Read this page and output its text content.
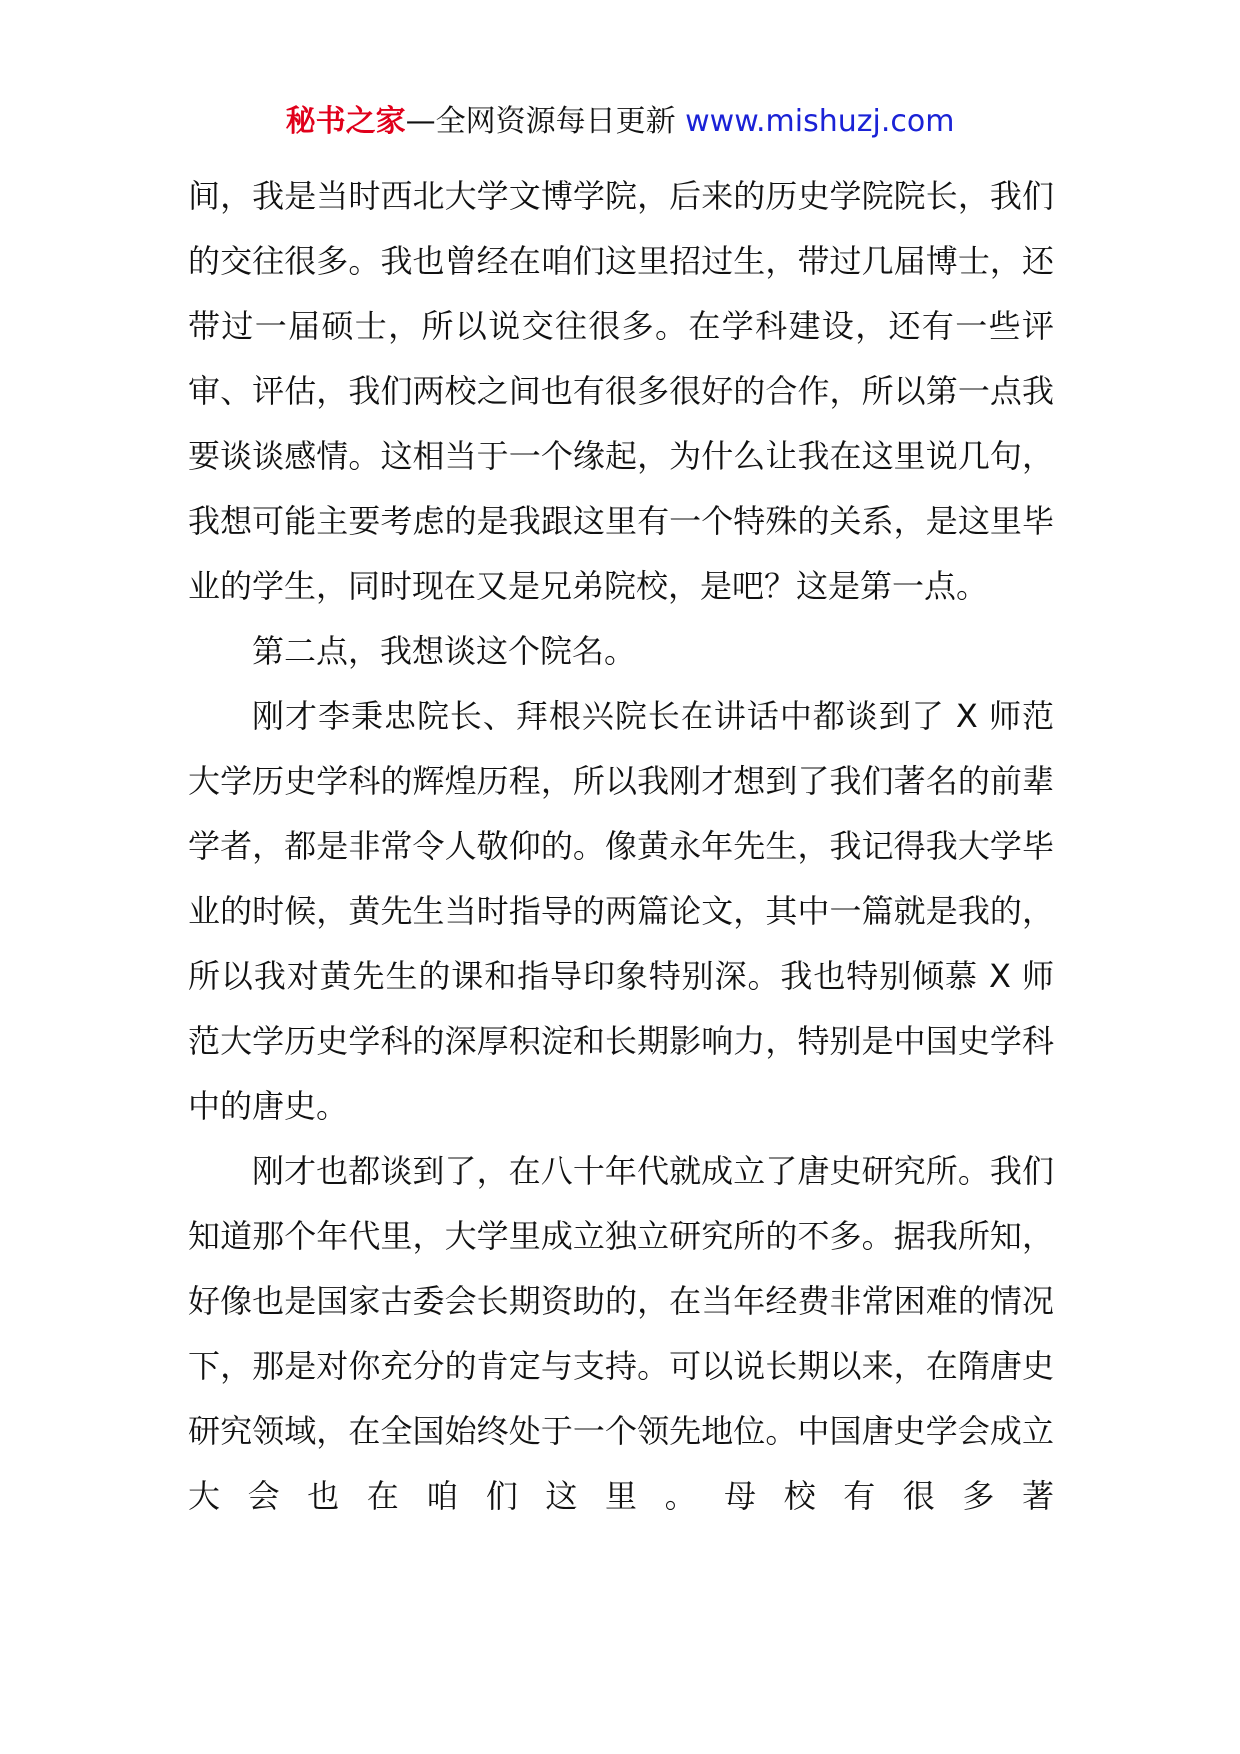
秘书之家—全网资源每日更新 www.mishuzj.com

间，我是当时西北大学文博学院，后来的历史学院院长，我们的交往很多。我也曾经在咱们这里招过生，带过几届博士，还带过一届硕士，所以说交往很多。在学科建设，还有一些评审、评估，我们两校之间也有很多很好的合作，所以第一点我要谈谈感情。这相当于一个缘起，为什么让我在这里说几句，我想可能主要考虑的是我跟这里有一个特殊的关系，是这里毕业的学生，同时现在又是兄弟院校，是吧？这是第一点。

第二点，我想谈这个院名。

刚才李秉忠院长、拜根兴院长在讲话中都谈到了 X 师范大学历史学科的辉煌历程，所以我刚才想到了我们著名的前辈学者，都是非常令人敬仰的。像黄永年先生，我记得我大学毕业的时候，黄先生当时指导的两篇论文，其中一篇就是我的，所以我对黄先生的课和指导印象特别深。我也特别倾慕 X 师范大学历史学科的深厚积淀和长期影响力，特别是中国史学科中的唐史。

刚才也都谈到了，在八十年代就成立了唐史研究所。我们知道那个年代里，大学里成立独立研究所的不多。据我所知，好像也是国家古委会长期资助的，在当年经费非常困难的情况下，那是对你充分的肯定与支持。可以说长期以来，在隋唐史研究领域，在全国始终处于一个领先地位。中国唐史学会成立大会也在咱们这里。母校有很多著
